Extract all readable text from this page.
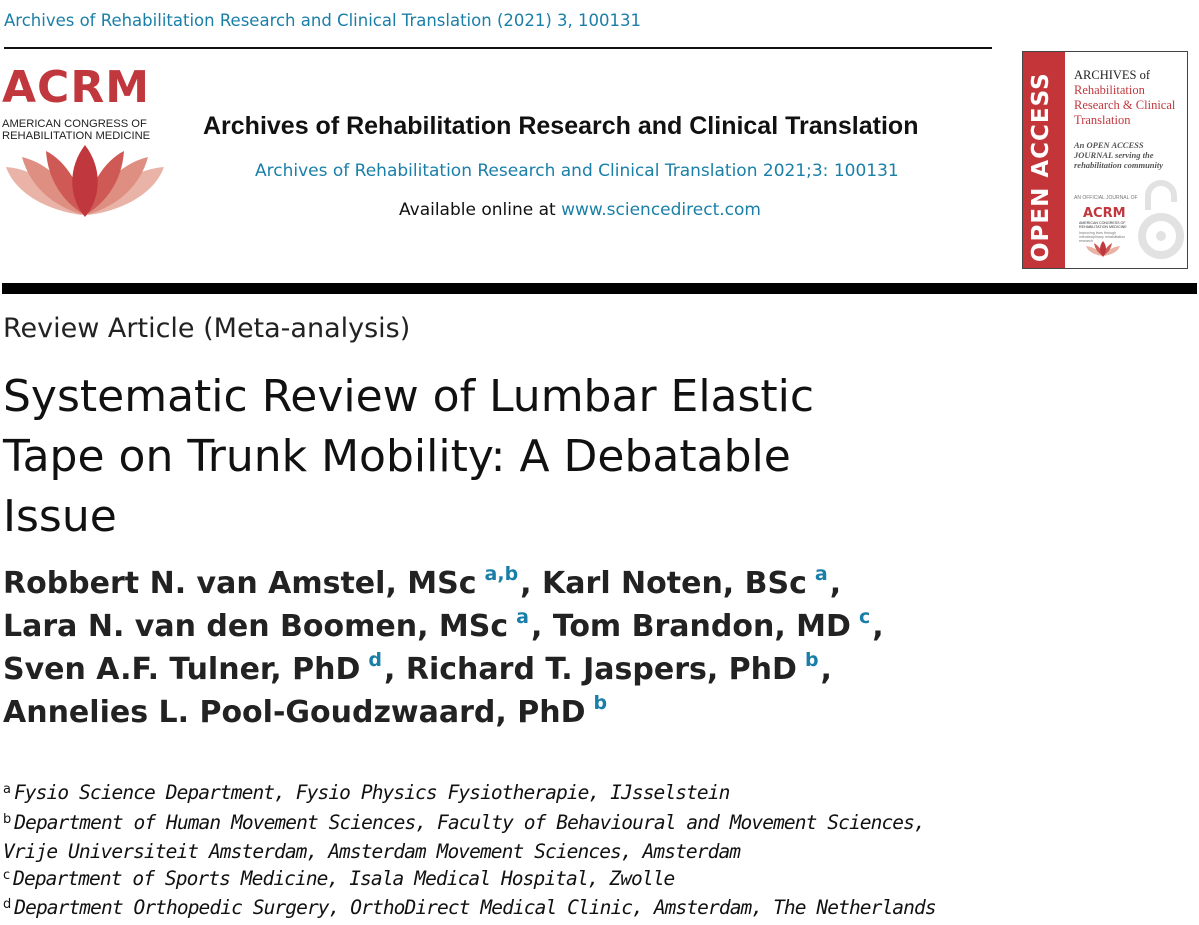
Archives of Rehabilitation Research and Clinical Translation (2021) 3, 100131
ACRM
AMERICAN CONGRESS OF
REHABILITATION MEDICINE	Archives of Rehabilitation Research and Clinical Translation
Archives of Rehabilitation Research and Clinical Translation 2021;3: 100131
Available online at www.sciencedirect.com	OPEN ACCESS ARCHIVES of
Rehabilitation
Research & Clinical
Translation
An OPEN ACCESS JOURNAL serving the rehabilitation community
AN OFFICIAL JOURNAL OF
ACRM
AMERICAN CONGRESS OF REHABILITATION MEDICINE
Improving lives through interdisciplinary rehabilitation research
Review Article (Meta-analysis)
Systematic Review of Lumbar Elastic
Tape on Trunk Mobility: A Debatable
Issue
Robbert N. van Amstel, MSc $^{a,b}$, Karl Noten, BSc $^a$,
Lara N. van den Boomen, MSc $^a$, Tom Brandon, MD $^c$,
Sven A.F. Tulner, PhD $^d$, Richard T. Jaspers, PhD $^b$,
Annelies L. Pool-Goudzwaard, PhD $^b$
$^a$ Fysio Science Department, Fysio Physics Fysiotherapie, IJsselstein
$^b$ Department of Human Movement Sciences, Faculty of Behavioural and Movement Sciences,
Vrije Universiteit Amsterdam, Amsterdam Movement Sciences, Amsterdam
$^c$ Department of Sports Medicine, Isala Medical Hospital, Zwolle
$^d$ Department Orthopedic Surgery, OrthoDirect Medical Clinic, Amsterdam, The Netherlands
